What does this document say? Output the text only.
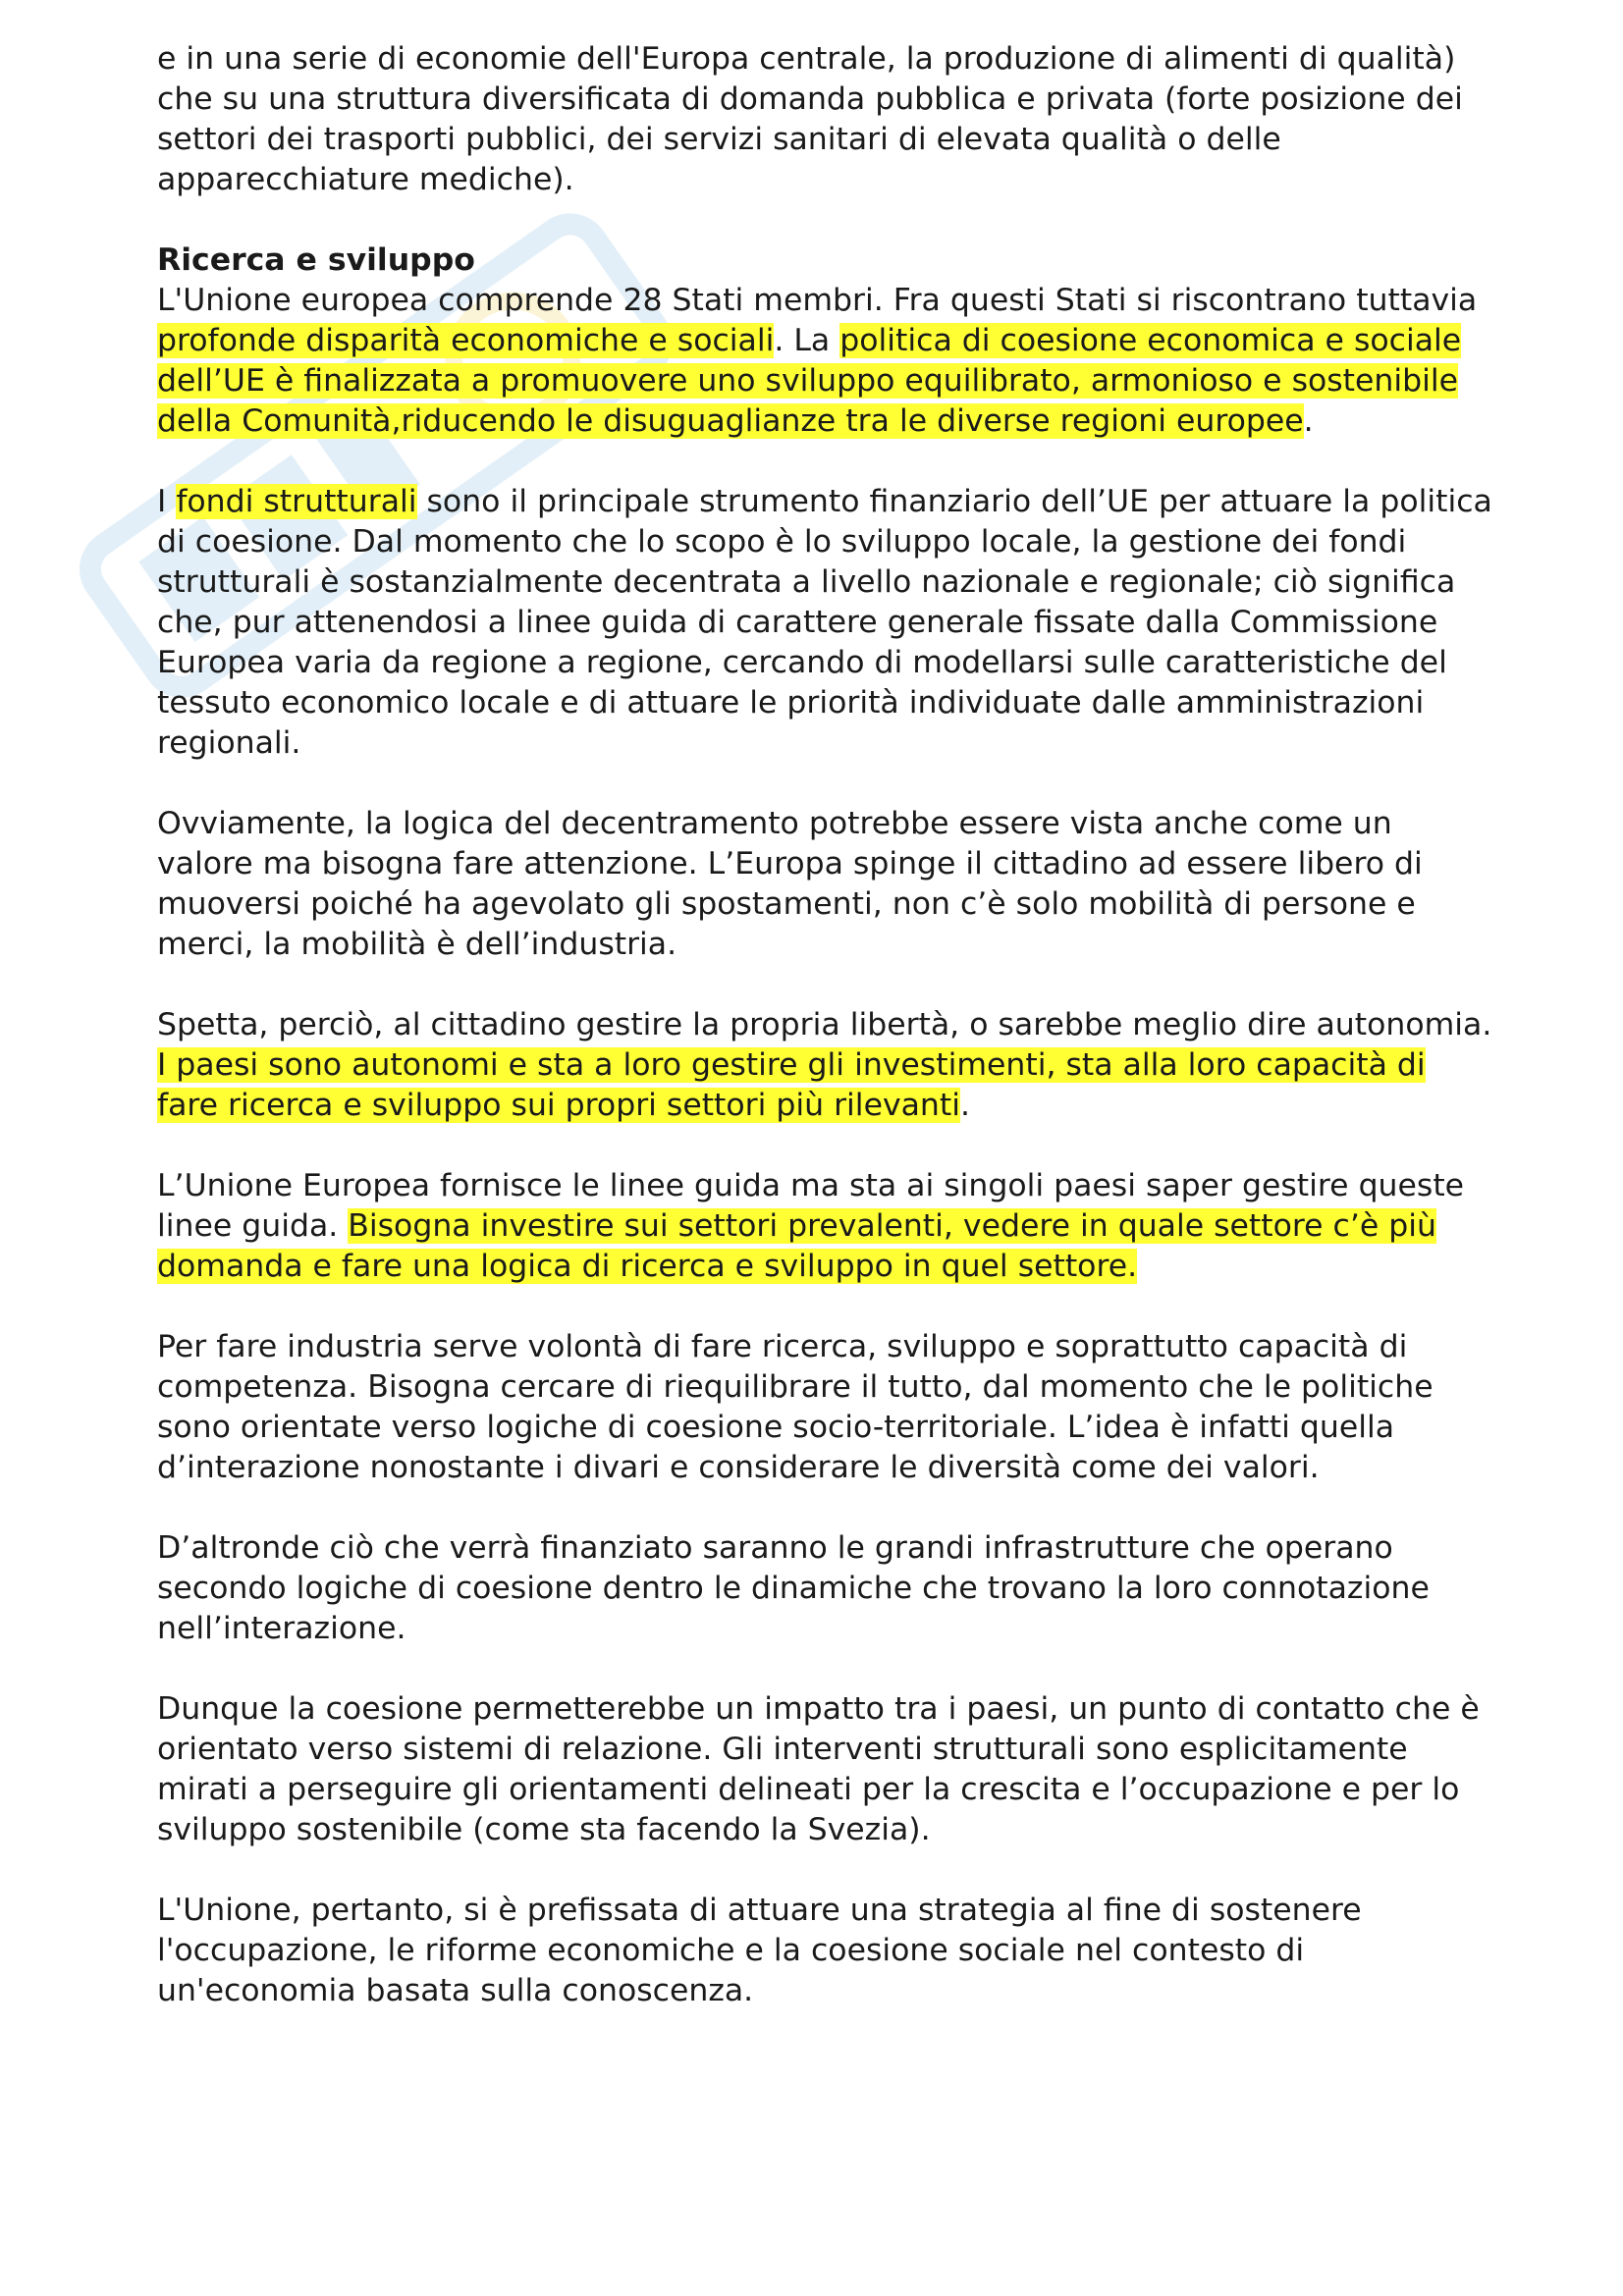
e in una serie di economie dell'Europa centrale, la produzione di alimenti di qualità) che su una struttura diversificata di domanda pubblica e privata (forte posizione dei settori dei trasporti pubblici, dei servizi sanitari di elevata qualità o delle apparecchiature mediche).

Ricerca e sviluppo

L'Unione europea comprende 28 Stati membri. Fra questi Stati si riscontrano tuttavia profonde disparità economiche e sociali. La politica di coesione economica e sociale dell’UE è finalizzata a promuovere uno sviluppo equilibrato, armonioso e sostenibile della Comunità,riducendo le disuguaglianze tra le diverse regioni europee.

I fondi strutturali sono il principale strumento finanziario dell’UE per attuare la politica di coesione. Dal momento che lo scopo è lo sviluppo locale, la gestione dei fondi strutturali è sostanzialmente decentrata a livello nazionale e regionale; ciò significa che, pur attenendosi a linee guida di carattere generale fissate dalla Commissione Europea varia da regione a regione, cercando di modellarsi sulle caratteristiche del tessuto economico locale e di attuare le priorità individuate dalle amministrazioni regionali.

Ovviamente, la logica del decentramento potrebbe essere vista anche come un valore ma bisogna fare attenzione. L’Europa spinge il cittadino ad essere libero di muoversi poiché ha agevolato gli spostamenti, non c’è solo mobilità di persone e merci, la mobilità è dell’industria.

Spetta, perciò, al cittadino gestire la propria libertà, o sarebbe meglio dire autonomia. I paesi sono autonomi e sta a loro gestire gli investimenti, sta alla loro capacità di fare ricerca e sviluppo sui propri settori più rilevanti.

L’Unione Europea fornisce le linee guida ma sta ai singoli paesi saper gestire queste linee guida. Bisogna investire sui settori prevalenti, vedere in quale settore c’è più domanda e fare una logica di ricerca e sviluppo in quel settore.

Per fare industria serve volontà di fare ricerca, sviluppo e soprattutto capacità di competenza. Bisogna cercare di riequilibrare il tutto, dal momento che le politiche sono orientate verso logiche di coesione socio-territoriale. L’idea è infatti quella d’interazione nonostante i divari e considerare le diversità come dei valori.

D’altronde ciò che verrà finanziato saranno le grandi infrastrutture che operano secondo logiche di coesione dentro le dinamiche che trovano la loro connotazione nell’interazione.

Dunque la coesione permetterebbe un impatto tra i paesi, un punto di contatto che è orientato verso sistemi di relazione. Gli interventi strutturali sono esplicitamente mirati a perseguire gli orientamenti delineati per la crescita e l’occupazione e per lo sviluppo sostenibile (come sta facendo la Svezia).

L'Unione, pertanto, si è prefissata di attuare una strategia al fine di sostenere l'occupazione, le riforme economiche e la coesione sociale nel contesto di un'economia basata sulla conoscenza.
